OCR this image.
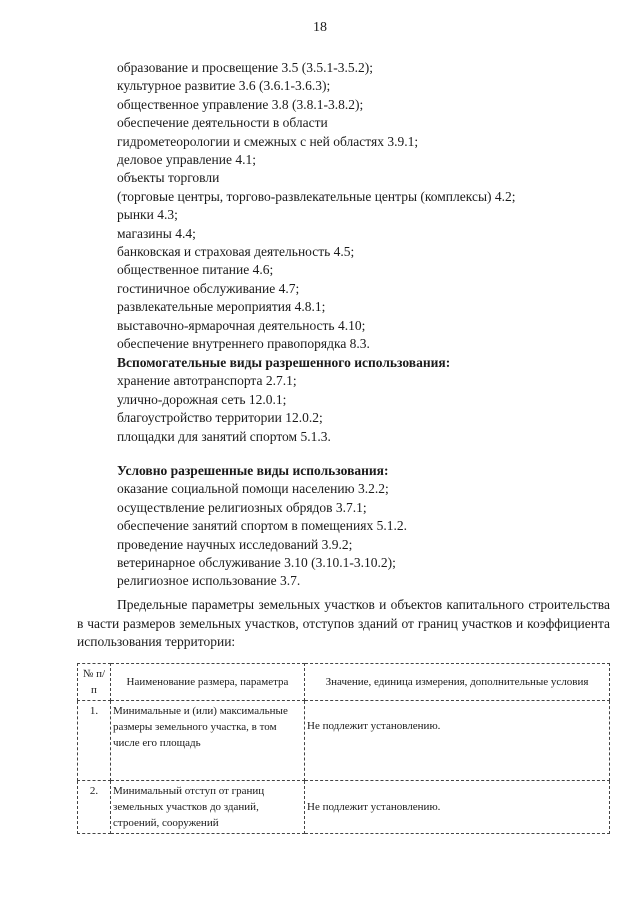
18
образование и просвещение 3.5 (3.5.1-3.5.2);
культурное развитие 3.6 (3.6.1-3.6.3);
общественное управление 3.8 (3.8.1-3.8.2);
обеспечение деятельности в области
гидрометеорологии и смежных с ней областях 3.9.1;
деловое управление 4.1;
объекты торговли
(торговые центры, торгово-развлекательные центры (комплексы) 4.2;
рынки 4.3;
магазины 4.4;
банковская и страховая деятельность 4.5;
общественное питание 4.6;
гостиничное обслуживание 4.7;
развлекательные мероприятия 4.8.1;
выставочно-ярмарочная деятельность 4.10;
обеспечение внутреннего правопорядка 8.3.
Вспомогательные виды разрешенного использования:
хранение автотранспорта 2.7.1;
улично-дорожная сеть 12.0.1;
благоустройство территории 12.0.2;
площадки для занятий спортом 5.1.3.
Условно разрешенные виды использования:
оказание социальной помощи населению 3.2.2;
осуществление религиозных обрядов 3.7.1;
обеспечение занятий спортом в помещениях 5.1.2.
проведение научных исследований 3.9.2;
ветеринарное обслуживание 3.10 (3.10.1-3.10.2);
религиозное использование 3.7.
Предельные параметры земельных участков и объектов капитального строительства в части размеров земельных участков, отступов зданий от границ участков и коэффициента использования территории:
№ п/п	Наименование размера, параметра	Значение, единица измерения, дополнительные условия
1.	Минимальные и (или) максимальные размеры земельного участка, в том числе его площадь	Не подлежит установлению.
2.	Минимальный отступ от границ земельных участков до зданий, строений, сооружений	Не подлежит установлению.
